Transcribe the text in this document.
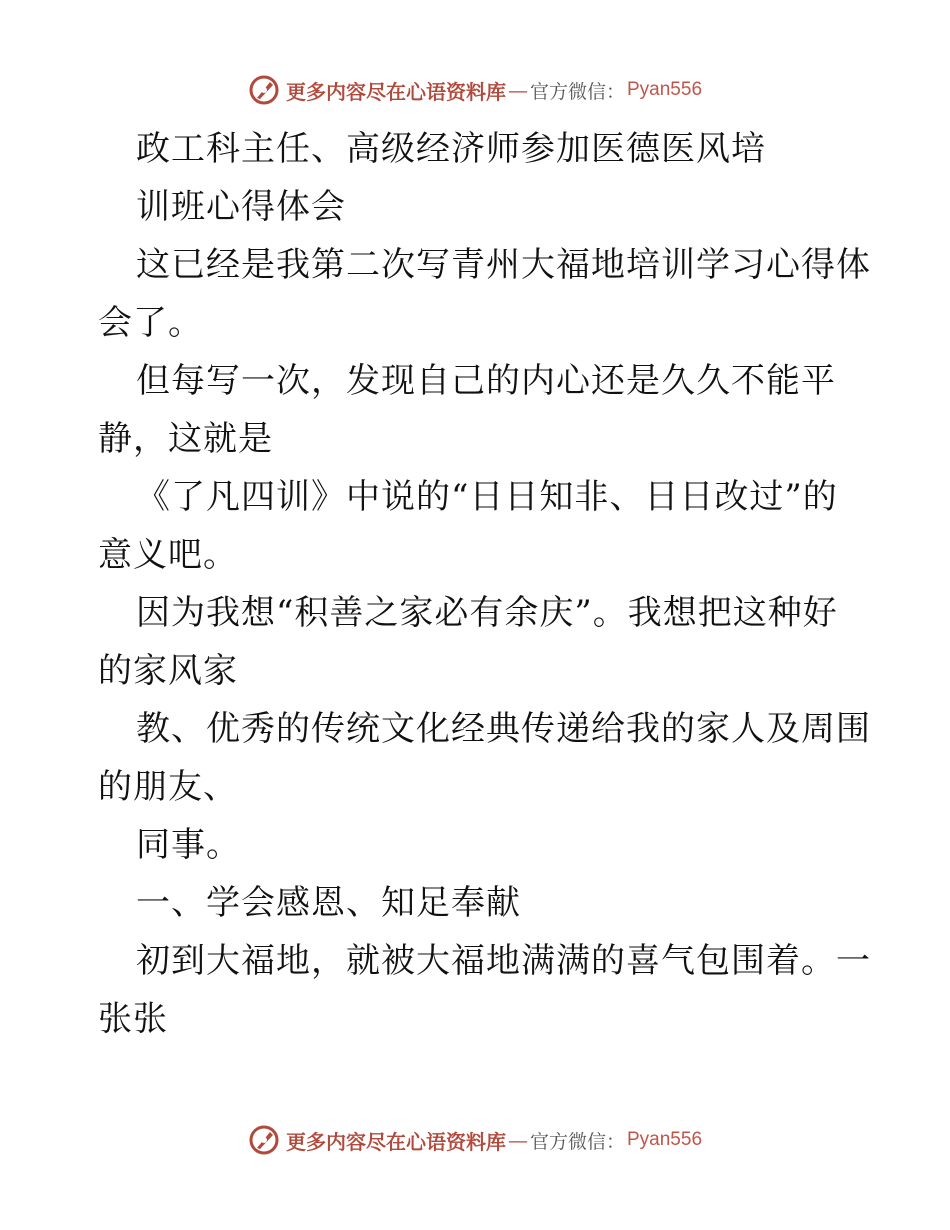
更多内容尽在心语资料库 — 官方微信： Pyan556
政工科主任、高级经济师参加医德医风培
训班心得体会
这已经是我第二次写青州大福地培训学习心得体
会了。
但每写一次，发现自己的内心还是久久不能平
静，这就是
《了凡四训》中说的“日日知非、日日改过”的
意义吧。
因为我想“积善之家必有余庆”。我想把这种好
的家风家
教、优秀的传统文化经典传递给我的家人及周围
的朋友、
同事。
一、学会感恩、知足奉献
初到大福地，就被大福地满满的喜气包围着。一
张张
更多内容尽在心语资料库 — 官方微信： Pyan556
